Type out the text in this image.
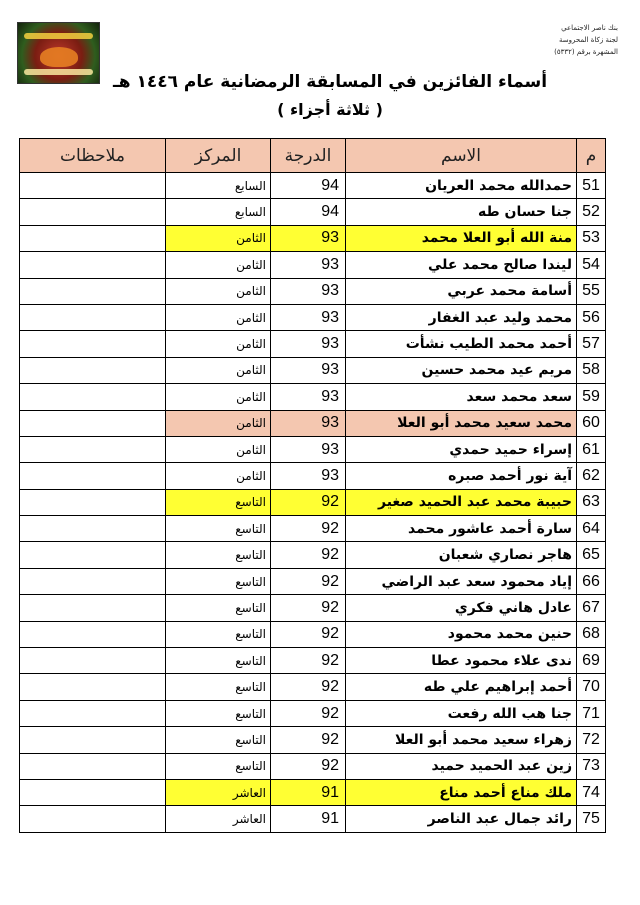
بنك ناصر الاجتماعي
لجنة زكاة المحروسة
المشهرة برقم (٥٣٣٢)
أسماء الفائزين في المسابقة الرمضانية عام ١٤٤٦ هـ
( ثلاثة أجزاء )
م	الاسم	الدرجة	المركز	ملاحظات
51	حمدالله محمد العريان	94	السابع	
52	جنا حسان طه	94	السابع	
53	منة الله أبو العلا محمد	93	الثامن	
54	ليندا صالح محمد علي	93	الثامن	
55	أسامة محمد عربي	93	الثامن	
56	محمد وليد عبد الغفار	93	الثامن	
57	أحمد محمد الطيب نشأت	93	الثامن	
58	مريم عيد محمد حسين	93	الثامن	
59	سعد محمد سعد	93	الثامن	
60	محمد سعيد محمد أبو العلا	93	الثامن	
61	إسراء حميد حمدي	93	الثامن	
62	آية نور أحمد صبره	93	الثامن	
63	حبيبة محمد عبد الحميد صغير	92	التاسع	
64	سارة أحمد عاشور محمد	92	التاسع	
65	هاجر نصاري شعبان	92	التاسع	
66	إياد محمود سعد عبد الراضي	92	التاسع	
67	عادل هاني فكري	92	التاسع	
68	حنين محمد محمود	92	التاسع	
69	ندى علاء محمود عطا	92	التاسع	
70	أحمد إبراهيم علي طه	92	التاسع	
71	جنا هب الله رفعت	92	التاسع	
72	زهراء سعيد محمد أبو العلا	92	التاسع	
73	زين عبد الحميد حميد	92	التاسع	
74	ملك مناع أحمد مناع	91	العاشر	
75	رائد جمال عبد الناصر	91	العاشر	
